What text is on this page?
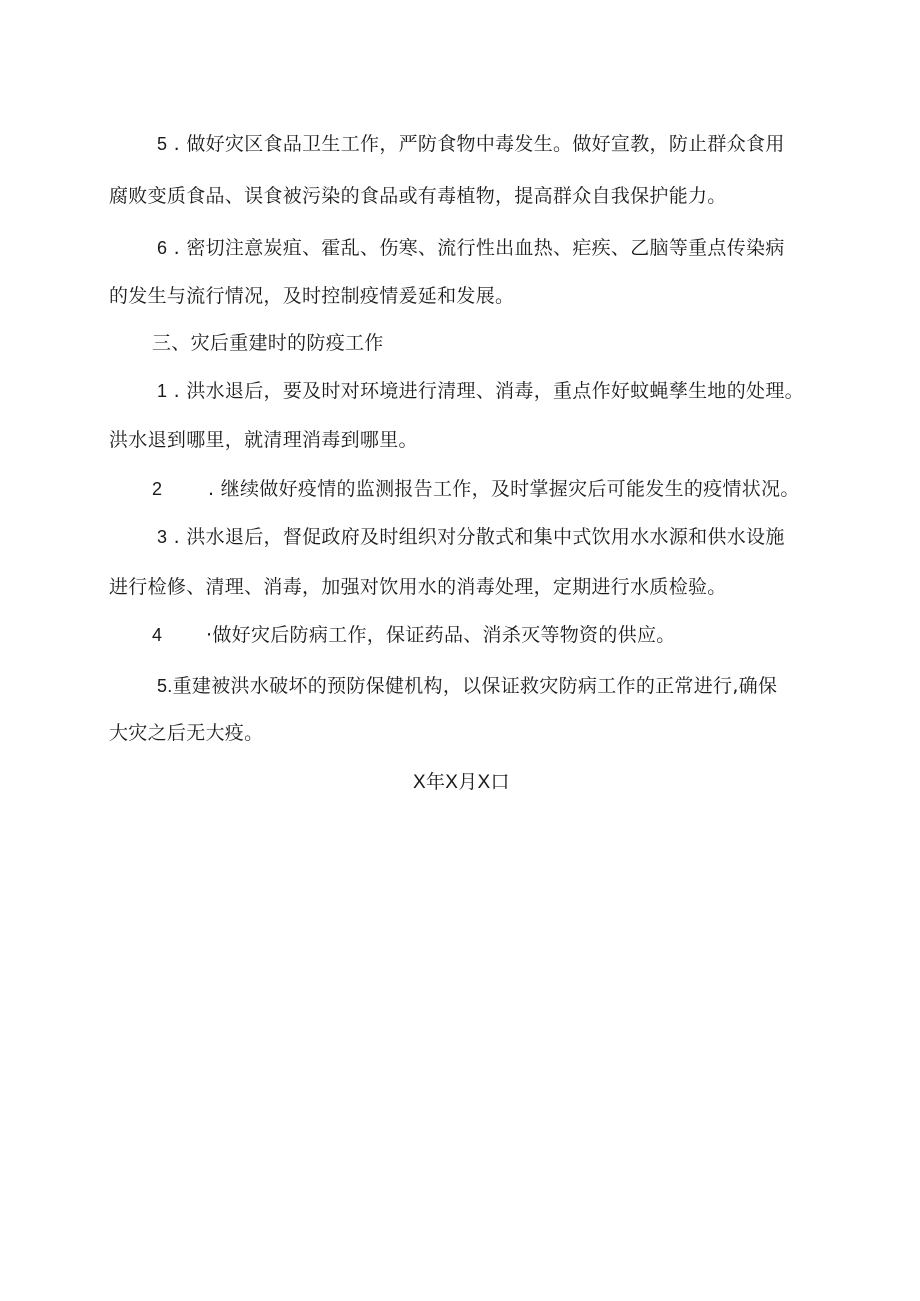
5 . 做好灾区食品卫生工作，严防食物中毒发生。做好宣教，防止群众食用
腐败变质食品、误食被污染的食品或有毒植物，提高群众自我保护能力。
6 . 密切注意炭疽、霍乱、伤寒、流行性出血热、疟疾、乙脑等重点传染病
的发生与流行情况，及时控制疫情爰延和发展。
三、灾后重建时的防疫工作
1 . 洪水退后，要及时对环境进行清理、消毒，重点作好蚊蝇孳生地的处理。
洪水退到哪里，就清理消毒到哪里。
2 . 继续做好疫情的监测报告工作，及时掌握灾后可能发生的疫情状况。
3 . 洪水退后，督促政府及时组织对分散式和集中式饮用水水源和供水设施
进行检修、清理、消毒，加强对饮用水的消毒处理，定期进行水质检验。
4 ·做好灾后防病工作，保证药品、消杀灭等物资的供应。
5.重建被洪水破坏的预防保健机构，以保证救灾防病工作的正常进行,确保
大灾之后无大疫。
X年X月X口
